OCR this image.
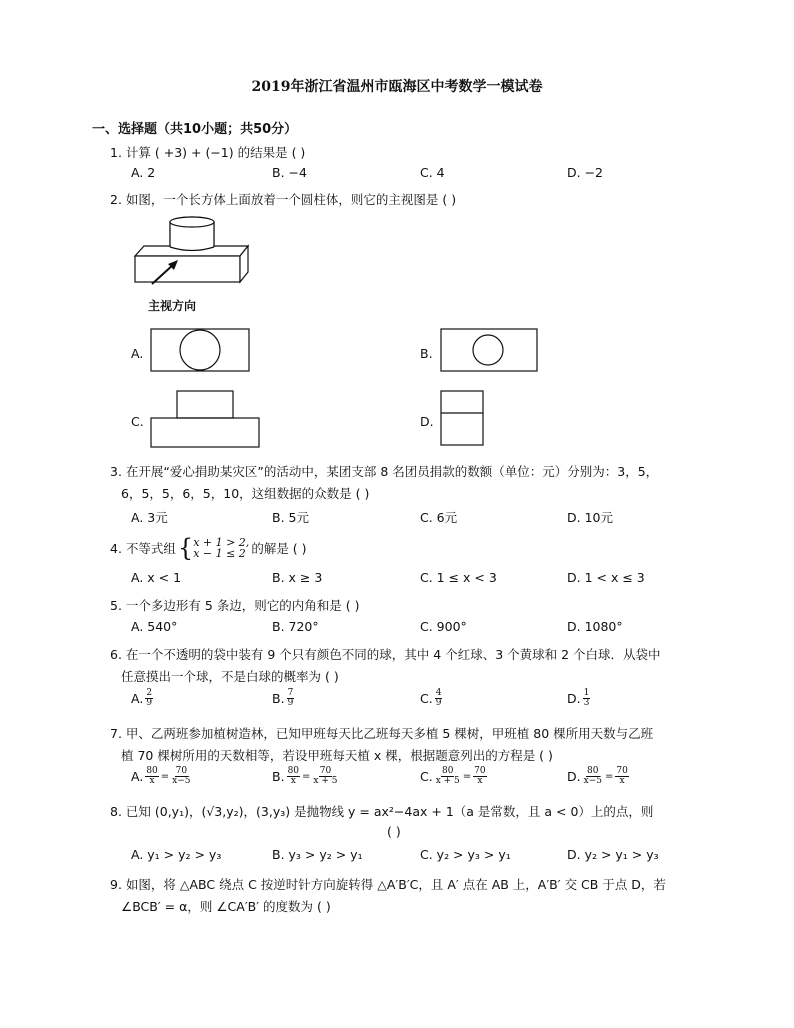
2019年浙江省温州市瓯海区中考数学一模试卷
一、选择题（共10小题；共50分）
1. 计算 ( +3) + (−1) 的结果是 ( )
A. 2	B. −4	C. 4	D. −2
2. 如图，一个长方体上面放着一个圆柱体，则它的主视图是 ( )
主视方向
A.	B.
C.	D.
3. 在开展“爱心捐助某灾区”的活动中，某团支部 8 名团员捐款的数额（单位：元）分别为：3，5，
6，5，5，6，5，10，这组数据的众数是 ( )
A. 3元	B. 5元	C. 6元	D. 10元
4. 不等式组 { x + 1 > 2,
x − 1 ≤ 2 的解是 ( )
A. x < 1	B. x ≥ 3	C. 1 ≤ x < 3	D. 1 < x ≤ 3
5. 一个多边形有 5 条边，则它的内角和是 ( )
A. 540°	B. 720°	C. 900°	D. 1080°
6. 在一个不透明的袋中装有 9 个只有颜色不同的球，其中 4 个红球、3 个黄球和 2 个白球．从袋中
任意摸出一个球，不是白球的概率为 ( )
A. $\frac{2}{9}$	B. $\frac{7}{9}$	C. $\frac{4}{9}$	D. $\frac{1}{3}$
7. 甲、乙两班参加植树造林，已知甲班每天比乙班每天多植 5 棵树，甲班植 80 棵所用天数与乙班
植 70 棵树所用的天数相等，若设甲班每天植 x 棵，根据题意列出的方程是 ( )
A. $\frac{80}{x} = \frac{70}{x-5}$	B. $\frac{80}{x} = \frac{70}{x + 5}$	C. $\frac{80}{x + 5} = \frac{70}{x}$	D. $\frac{80}{x-5} = \frac{70}{x}$
8. 已知 (0,y₁)，(√3,y₂)，(3,y₃) 是抛物线 y = ax²−4ax + 1（a 是常数，且 a < 0）上的点，则
( )
A. y₁ > y₂ > y₃	B. y₃ > y₂ > y₁	C. y₂ > y₃ > y₁	D. y₂ > y₁ > y₃
9. 如图，将 △ABC 绕点 C 按逆时针方向旋转得 △A′B′C，且 A′ 点在 AB 上，A′B′ 交 CB 于点 D，若
∠BCB′ = α，则 ∠CA′B′ 的度数为 ( )
